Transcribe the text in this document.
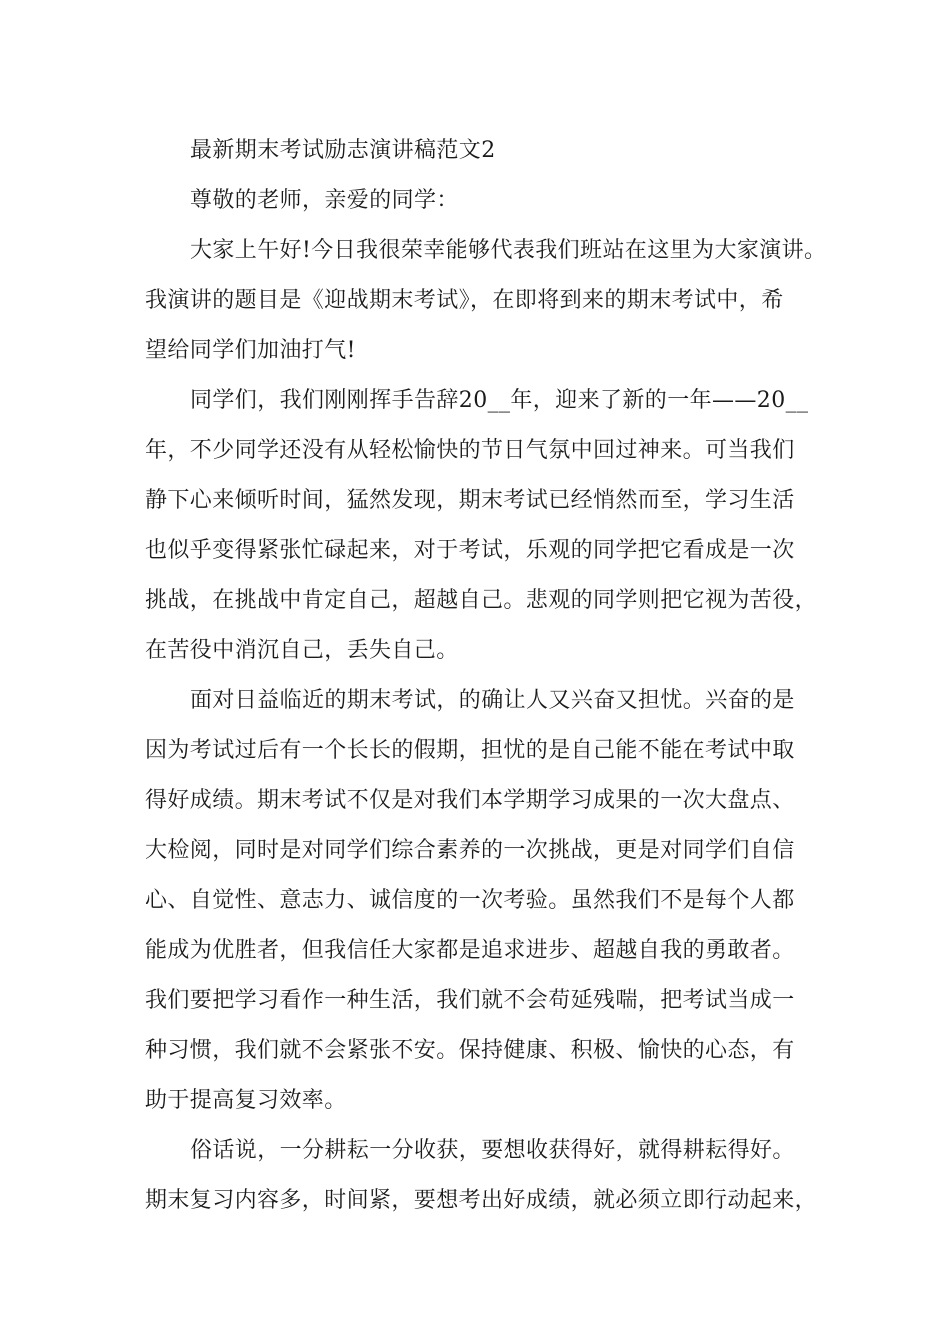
最新期末考试励志演讲稿范文2
尊敬的老师，亲爱的同学：
大家上午好!今日我很荣幸能够代表我们班站在这里为大家演讲。
我演讲的题目是《迎战期末考试》，在即将到来的期末考试中，希
望给同学们加油打气!
同学们，我们刚刚挥手告辞20__年，迎来了新的一年——20__
年，不少同学还没有从轻松愉快的节日气氛中回过神来。可当我们
静下心来倾听时间，猛然发现，期末考试已经悄然而至，学习生活
也似乎变得紧张忙碌起来，对于考试，乐观的同学把它看成是一次
挑战，在挑战中肯定自己，超越自己。悲观的同学则把它视为苦役，
在苦役中消沉自己，丢失自己。
面对日益临近的期末考试，的确让人又兴奋又担忧。兴奋的是
因为考试过后有一个长长的假期，担忧的是自己能不能在考试中取
得好成绩。期末考试不仅是对我们本学期学习成果的一次大盘点、
大检阅，同时是对同学们综合素养的一次挑战，更是对同学们自信
心、自觉性、意志力、诚信度的一次考验。虽然我们不是每个人都
能成为优胜者，但我信任大家都是追求进步、超越自我的勇敢者。
我们要把学习看作一种生活，我们就不会苟延残喘，把考试当成一
种习惯，我们就不会紧张不安。保持健康、积极、愉快的心态，有
助于提高复习效率。
俗话说，一分耕耘一分收获，要想收获得好，就得耕耘得好。
期末复习内容多，时间紧，要想考出好成绩，就必须立即行动起来，
